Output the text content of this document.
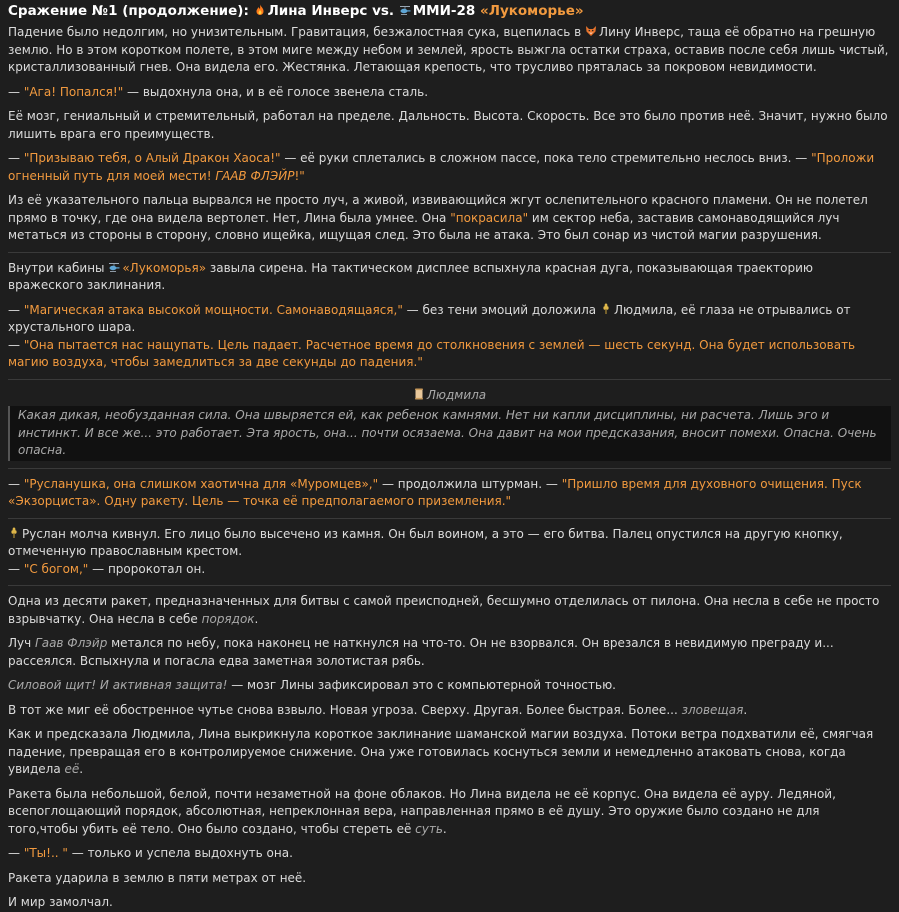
Сражение №1 (продолжение): Лина Инверс vs. ММИ-28 «Лукоморье»

Падение было недолгим, но унизительным. Гравитация, безжалостная сука, вцепилась в Лину Инверс, таща её обратно на грешную землю. Но в этом коротком полете, в этом миге между небом и землей, ярость выжгла остатки страха, оставив после себя лишь чистый, кристаллизованный гнев. Она видела его. Жестянка. Летающая крепость, что трусливо пряталась за покровом невидимости.

— "Ага! Попался!" — выдохнула она, и в её голосе звенела сталь.

Её мозг, гениальный и стремительный, работал на пределе. Дальность. Высота. Скорость. Все это было против неё. Значит, нужно было лишить врага его преимуществ.

— "Призываю тебя, о Алый Дракон Хаоса!" — её руки сплетались в сложном пассе, пока тело стремительно неслось вниз. — "Проложи огненный путь для моей мести! ГААВ ФЛЭЙР!"

Из её указательного пальца вырвался не просто луч, а живой, извивающийся жгут ослепительного красного пламени. Он не полетел прямо в точку, где она видела вертолет. Нет, Лина была умнее. Она "покрасила" им сектор неба, заставив самонаводящийся луч метаться из стороны в сторону, словно ищейка, ищущая след. Это была не атака. Это был сонар из чистой магии разрушения.

Внутри кабины «Лукоморья» завыла сирена. На тактическом дисплее вспыхнула красная дуга, показывающая траекторию вражеского заклинания.

— "Магическая атака высокой мощности. Самонаводящаяся," — без тени эмоций доложила Людмила, её глаза не отрывались от хрустального шара.
— "Она пытается нас нащупать. Цель падает. Расчетное время до столкновения с землей — шесть секунд. Она будет использовать магию воздуха, чтобы замедлиться за две секунды до падения."

Людмила
Какая дикая, необузданная сила. Она швыряется ей, как ребенок камнями. Нет ни капли дисциплины, ни расчета. Лишь эго и инстинкт. И все же... это работает. Эта ярость, она... почти осязаема. Она давит на мои предсказания, вносит помехи. Опасна. Очень опасна.

— "Русланушка, она слишком хаотична для «Муромцев»," — продолжила штурман. — "Пришло время для духовного очищения. Пуск «Экзорциста». Одну ракету. Цель — точка её предполагаемого приземления."

Руслан молча кивнул. Его лицо было высечено из камня. Он был воином, а это — его битва. Палец опустился на другую кнопку, отмеченную православным крестом.
— "С богом," — пророкотал он.

Одна из десяти ракет, предназначенных для битвы с самой преисподней, бесшумно отделилась от пилона. Она несла в себе не просто взрывчатку. Она несла в себе порядок.

Луч Гаав Флэйр метался по небу, пока наконец не наткнулся на что-то. Он не взорвался. Он врезался в невидимую преграду и... рассеялся. Вспыхнула и погасла едва заметная золотистая рябь.

Силовой щит! И активная защита! — мозг Лины зафиксировал это с компьютерной точностью.

В тот же миг её обостренное чутье снова взвыло. Новая угроза. Сверху. Другая. Более быстрая. Более... зловещая.

Как и предсказала Людмила, Лина выкрикнула короткое заклинание шаманской магии воздуха. Потоки ветра подхватили её, смягчая падение, превращая его в контролируемое снижение. Она уже готовилась коснуться земли и немедленно атаковать снова, когда увидела её.

Ракета была небольшой, белой, почти незаметной на фоне облаков. Но Лина видела не её корпус. Она видела её ауру. Ледяной, всепоглощающий порядок, абсолютная, непреклонная вера, направленная прямо в её душу. Это оружие было создано не для того,чтобы убить её тело. Оно было создано, чтобы стереть её суть.

— "Ты!.. " — только и успела выдохнуть она.

Ракета ударила в землю в пяти метрах от неё.

И мир замолчал.
